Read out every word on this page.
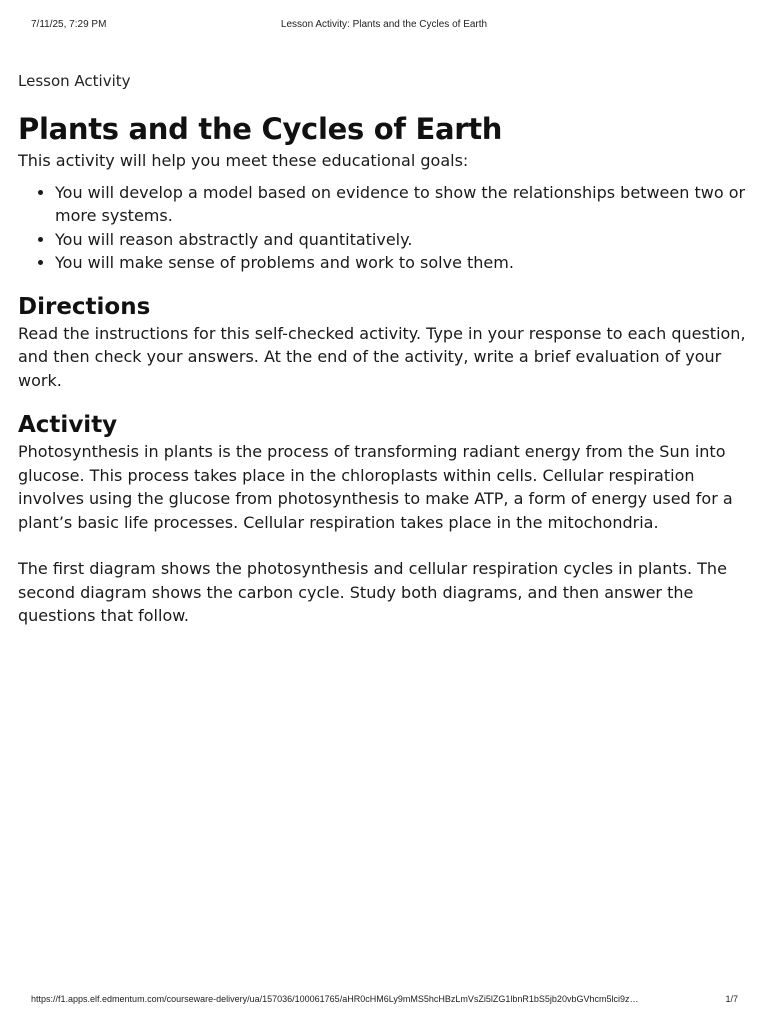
7/11/25, 7:29 PM	Lesson Activity: Plants and the Cycles of Earth

Lesson Activity

Plants and the Cycles of Earth

This activity will help you meet these educational goals:

• You will develop a model based on evidence to show the relationships between two or more systems.
• You will reason abstractly and quantitatively.
• You will make sense of problems and work to solve them.
Directions

Read the instructions for this self-checked activity. Type in your response to each question, and then check your answers. At the end of the activity, write a brief evaluation of your work.

Activity

Photosynthesis in plants is the process of transforming radiant energy from the Sun into glucose. This process takes place in the chloroplasts within cells. Cellular respiration involves using the glucose from photosynthesis to make ATP, a form of energy used for a plant’s basic life processes. Cellular respiration takes place in the mitochondria.

The first diagram shows the photosynthesis and cellular respiration cycles in plants. The second diagram shows the carbon cycle. Study both diagrams, and then answer the questions that follow.

https://f1.apps.elf.edmentum.com/courseware-delivery/ua/157036/100061765/aHR0cHM6Ly9mMS5hcHBzLmVsZi5lZG1lbnR1bS5jb20vbGVhcm5lci9z…	1/7
